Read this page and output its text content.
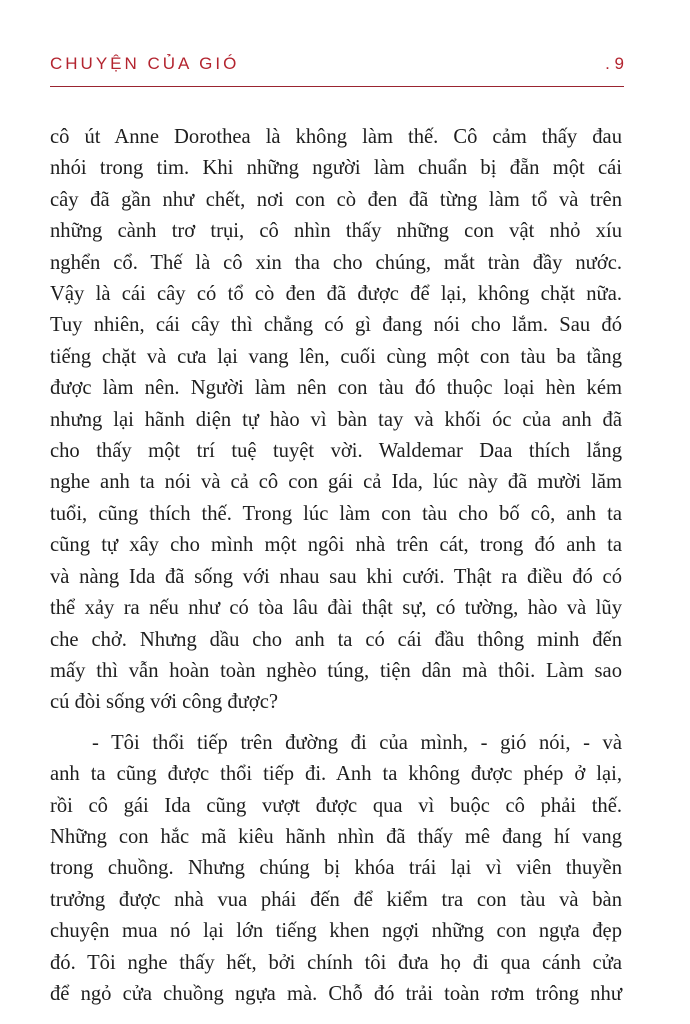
CHUYỆN CỦA GIÓ	. 9

cô út Anne Dorothea là không làm thế. Cô cảm thấy đau
nhói trong tim. Khi những người làm chuẩn bị đẵn một cái
cây đã gần như chết, nơi con cò đen đã từng làm tổ và trên
những cành trơ trụi, cô nhìn thấy những con vật nhỏ xíu
nghển cổ. Thế là cô xin tha cho chúng, mắt tràn đầy nước.
Vậy là cái cây có tổ cò đen đã được để lại, không chặt nữa.
Tuy nhiên, cái cây thì chẳng có gì đang nói cho lắm. Sau đó
tiếng chặt và cưa lại vang lên, cuối cùng một con tàu ba tầng
được làm nên. Người làm nên con tàu đó thuộc loại hèn kém
nhưng lại hãnh diện tự hào vì bàn tay và khối óc của anh đã
cho thấy một trí tuệ tuyệt vời. Waldemar Daa thích lắng
nghe anh ta nói và cả cô con gái cả Ida, lúc này đã mười lăm
tuổi, cũng thích thế. Trong lúc làm con tàu cho bố cô, anh ta
cũng tự xây cho mình một ngôi nhà trên cát, trong đó anh ta
và nàng Ida đã sống với nhau sau khi cưới. Thật ra điều đó có
thể xảy ra nếu như có tòa lâu đài thật sự, có tường, hào và lũy
che chở. Nhưng dầu cho anh ta có cái đầu thông minh đến
mấy thì vẫn hoàn toàn nghèo túng, tiện dân mà thôi. Làm sao
cú đòi sống với công được?

- Tôi thổi tiếp trên đường đi của mình, - gió nói, - và
anh ta cũng được thổi tiếp đi. Anh ta không được phép ở lại,
rồi cô gái Ida cũng vượt được qua vì buộc cô phải thế.
Những con hắc mã kiêu hãnh nhìn đã thấy mê đang hí vang
trong chuồng. Nhưng chúng bị khóa trái lại vì viên thuyền
trưởng được nhà vua phái đến để kiểm tra con tàu và bàn
chuyện mua nó lại lớn tiếng khen ngợi những con ngựa đẹp
đó. Tôi nghe thấy hết, bởi chính tôi đưa họ đi qua cánh cửa
để ngỏ cửa chuồng ngựa mà. Chỗ đó trải toàn rơm trông như
